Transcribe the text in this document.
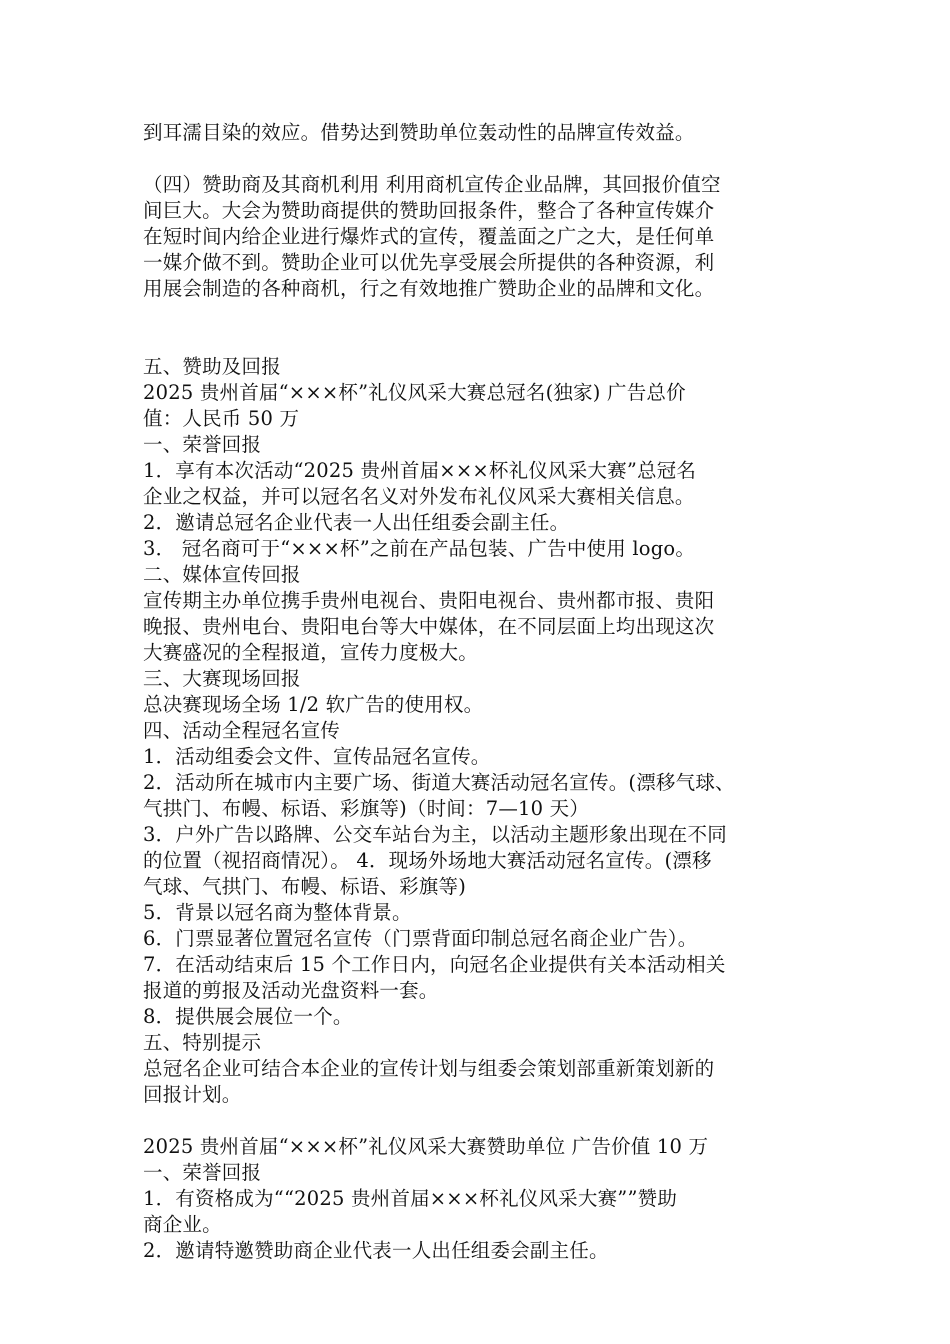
到耳濡目染的效应。借势达到赞助单位轰动性的品牌宣传效益。

（四）赞助商及其商机利用 利用商机宣传企业品牌，其回报价值空

间巨大。大会为赞助商提供的赞助回报条件，整合了各种宣传媒介

在短时间内给企业进行爆炸式的宣传，覆盖面之广之大，是任何单

一媒介做不到。赞助企业可以优先享受展会所提供的各种资源，利

用展会制造的各种商机，行之有效地推广赞助企业的品牌和文化。

五、赞助及回报

2025 贵州首届“×××杯”礼仪风采大赛总冠名(独家) 广告总价

值：人民币 50 万

一、荣誉回报

1．享有本次活动“2025 贵州首届×××杯礼仪风采大赛”总冠名

企业之权益，并可以冠名名义对外发布礼仪风采大赛相关信息。

2．邀请总冠名企业代表一人出任组委会副主任。

3． 冠名商可于“×××杯”之前在产品包装、广告中使用 logo。

二、媒体宣传回报

宣传期主办单位携手贵州电视台、贵阳电视台、贵州都市报、贵阳

晚报、贵州电台、贵阳电台等大中媒体，在不同层面上均出现这次

大赛盛况的全程报道，宣传力度极大。

三、大赛现场回报

总决赛现场全场 1/2 软广告的使用权。

四、活动全程冠名宣传

1．活动组委会文件、宣传品冠名宣传。

2．活动所在城市内主要广场、街道大赛活动冠名宣传。(漂移气球、

气拱门、布幔、标语、彩旗等)（时间：7—10 天）

3．户外广告以路牌、公交车站台为主，以活动主题形象出现在不同

的位置（视招商情况）。 4．现场外场地大赛活动冠名宣传。(漂移

气球、气拱门、布幔、标语、彩旗等)

5．背景以冠名商为整体背景。

6．门票显著位置冠名宣传（门票背面印制总冠名商企业广告）。

7．在活动结束后 15 个工作日内，向冠名企业提供有关本活动相关

报道的剪报及活动光盘资料一套。

8．提供展会展位一个。

五、特别提示

总冠名企业可结合本企业的宣传计划与组委会策划部重新策划新的

回报计划。

2025 贵州首届“×××杯”礼仪风采大赛赞助单位 广告价值 10 万

一、荣誉回报

1．有资格成为““2025 贵州首届×××杯礼仪风采大赛””赞助

商企业。

2．邀请特邀赞助商企业代表一人出任组委会副主任。
